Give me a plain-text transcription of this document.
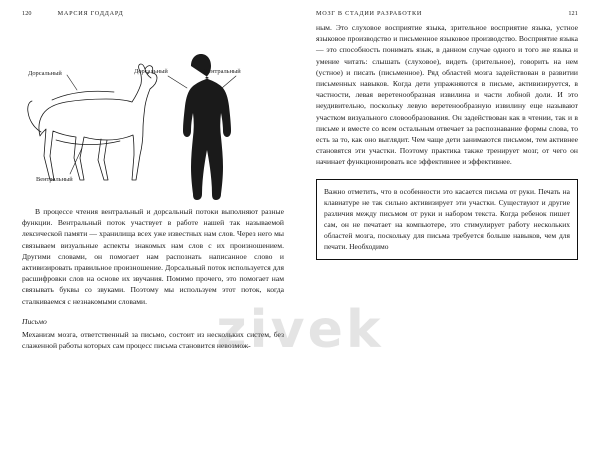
120	МАРСИЯ ГОДДАРД
Дорсальный
Вентральный
Дорсальный	Вентральный

В процессе чтения вентральный и дорсальный потоки выполняют разные функции. Вентральный поток участвует в работе нашей так называемой лексической памяти — хранилища всех уже известных нам слов. Через него мы связываем визуальные аспекты знакомых нам слов с их произношением. Другими словами, он помогает нам распознать написанное слово и активизировать правильное произношение. Дорсальный поток используется для расшифровки слов на основе их звучания. Помимо прочего, это помогает нам связывать буквы со звуками. Поэтому мы используем этот поток, когда сталкиваемся с незнакомыми словами.

Письмо

Механизм мозга, ответственный за письмо, состоит из нескольких систем, без слаженной работы которых сам процесс письма становится невозмож-

МОЗГ В СТАДИИ РАЗРАБОТКИ	121

ным. Это слуховое восприятие языка, зрительное восприятие языка, устное языковое производство и письменное языковое производство. Восприятие языка — это способность понимать язык, в данном случае одного и того же языка и умение читать: слышать (слуховое), видеть (зрительное), говорить на нем (устное) и писать (письменное). Ряд областей мозга задействован в развитии письменных навыков. Когда дети упражняются в письме, активизируется, в частности, левая веретенообразная извилина и части лобной доли. И это неудивительно, поскольку левую веретенообразную извилину еще называют участком визуального словообразования. Он задействован как в чтении, так и в письме и вместе со всем остальным отвечает за распознавание формы слова, то есть за то, как оно выглядит. Чем чаще дети занимаются письмом, тем активнее становятся эти участки. Поэтому практика также тренирует мозг, от чего он начинает функционировать все эффективнее и эффективнее.

Важно отметить, что в особенности это касается письма от руки. Печать на клавиатуре не так сильно активизирует эти участки. Существуют и другие различия между письмом от руки и набором текста. Когда ребенок пишет сам, он не печатает на компьютере, это стимулирует работу нескольких областей мозга, поскольку для письма требуется больше навыков, чем для печати. Необходимо

zivek
